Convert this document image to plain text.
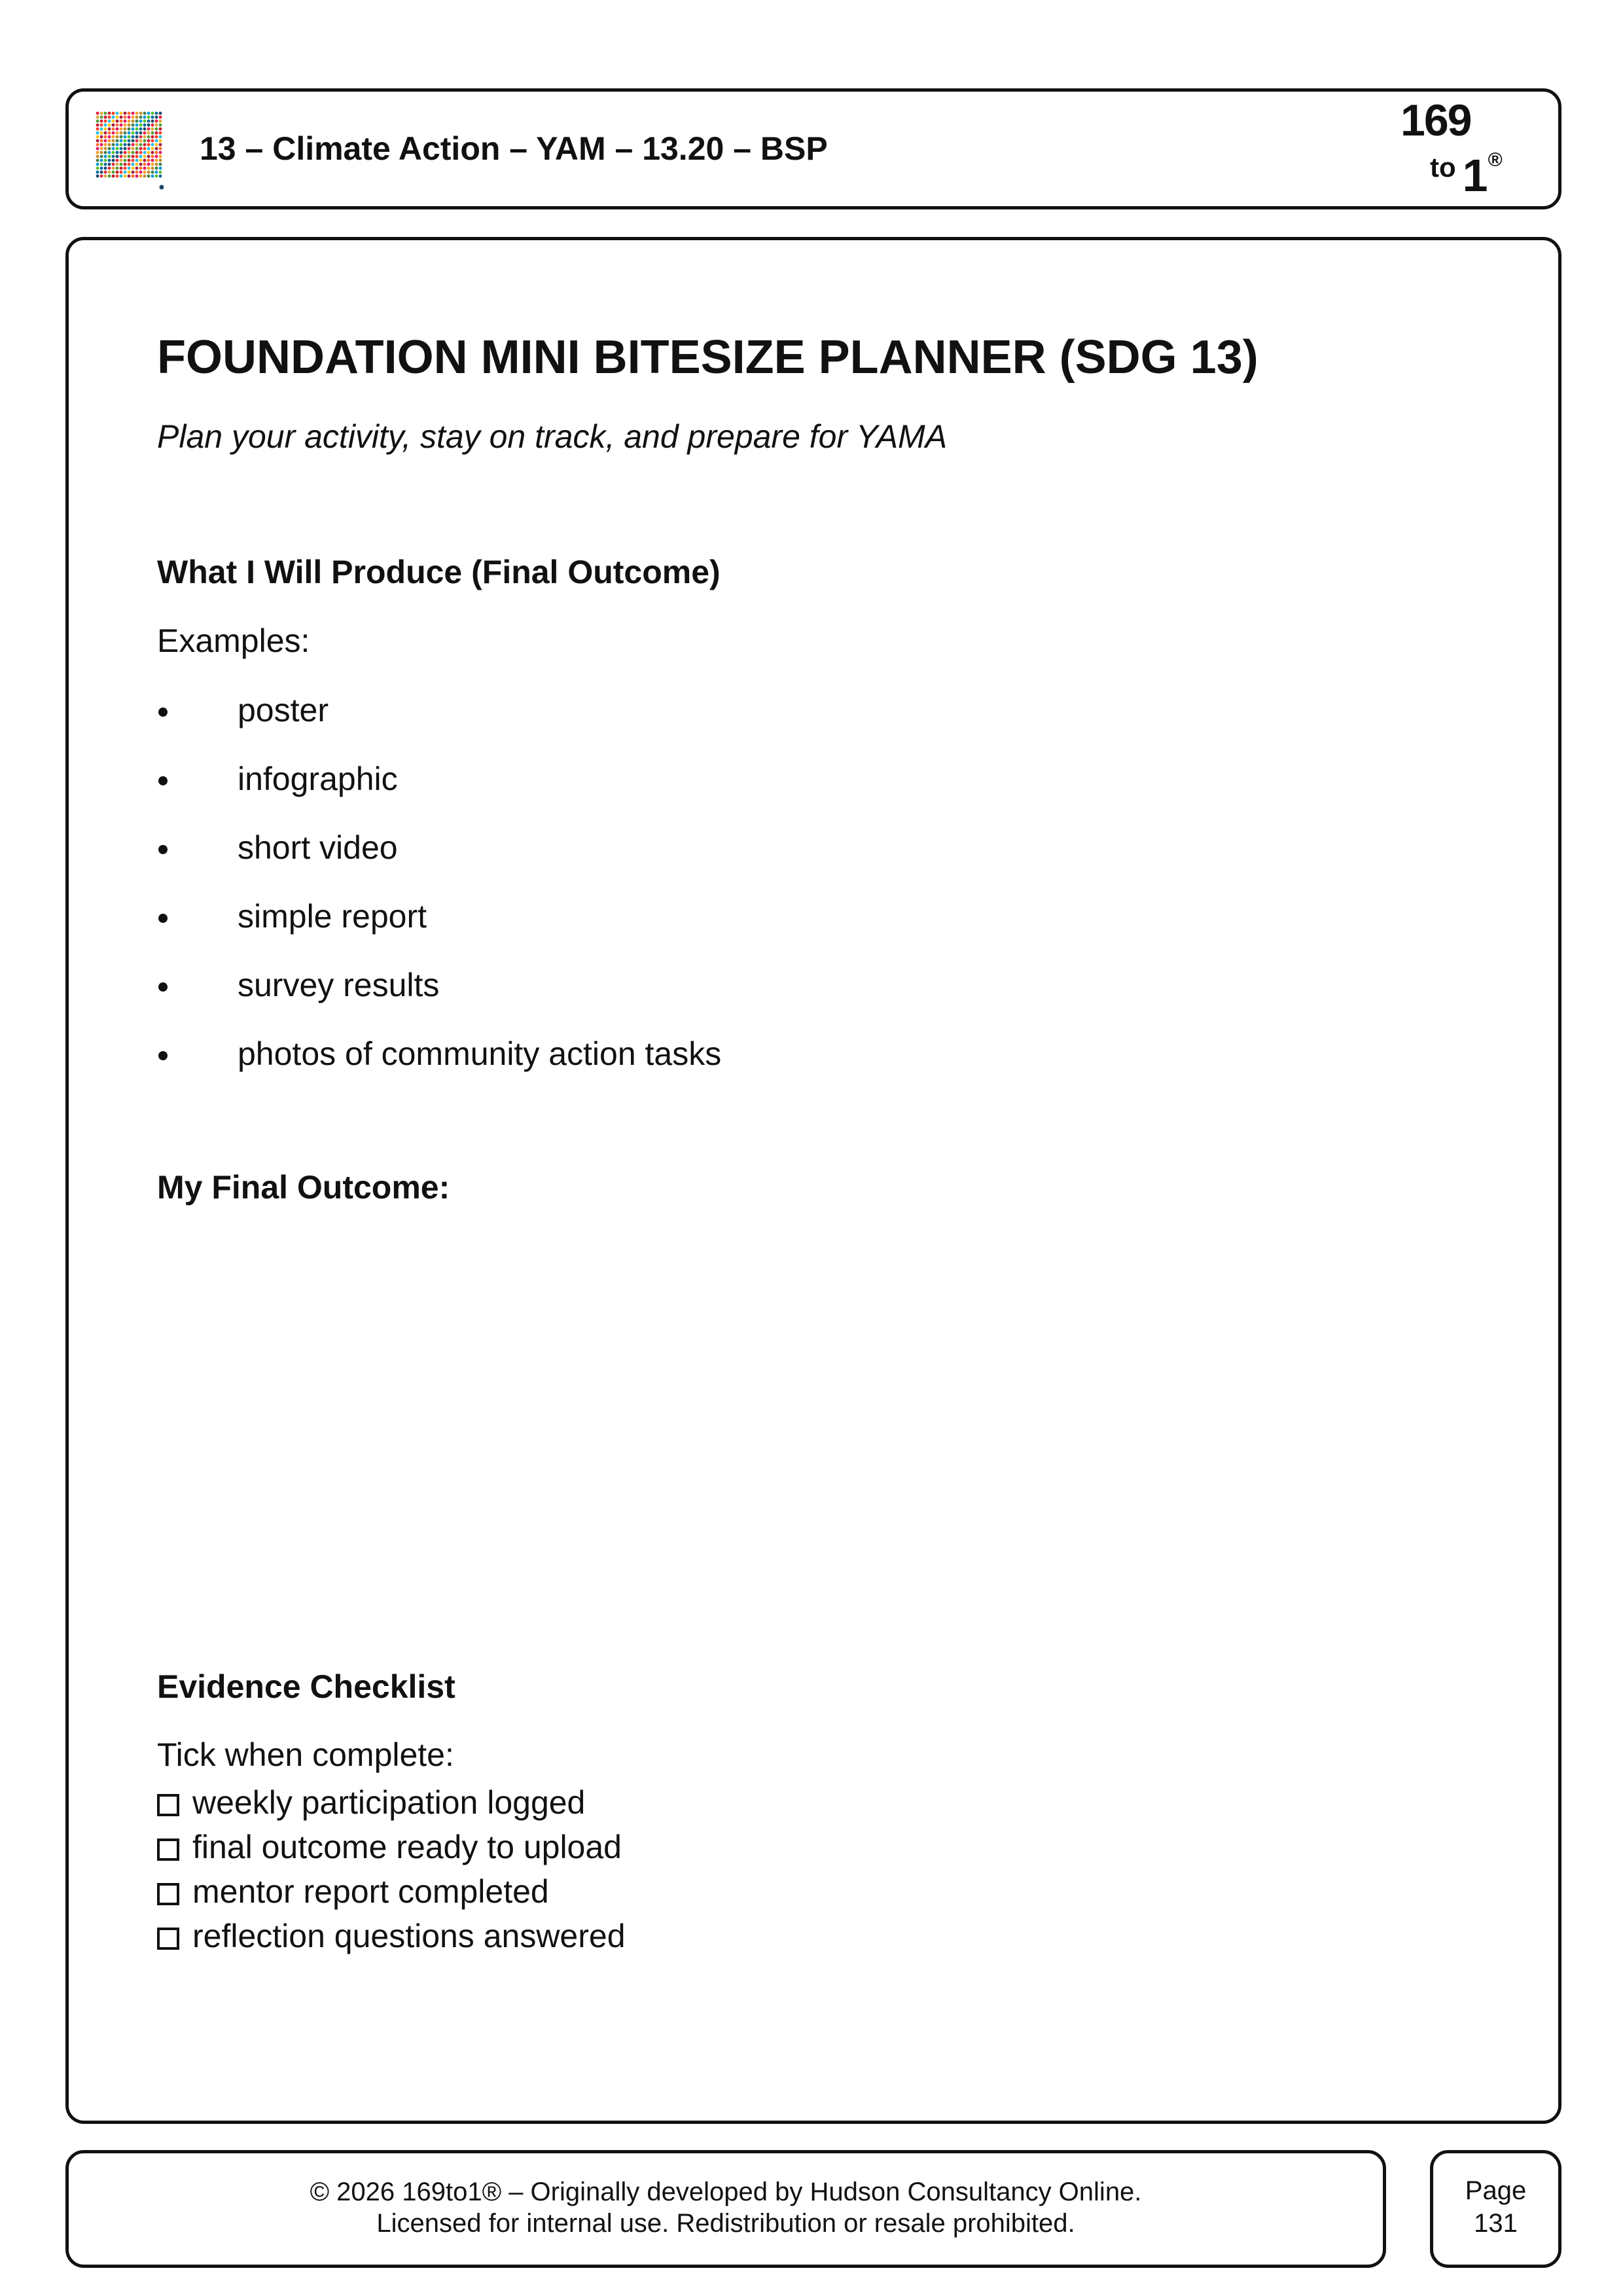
13 – Climate Action – YAM – 13.20 – BSP
169
to 1®
FOUNDATION MINI BITESIZE PLANNER (SDG 13)
Plan your activity, stay on track, and prepare for YAMA
What I Will Produce (Final Outcome)
Examples:
poster
infographic
short video
simple report
survey results
photos of community action tasks
My Final Outcome:
Evidence Checklist
Tick when complete:
weekly participation logged
final outcome ready to upload
mentor report completed
reflection questions answered
© 2026 169to1® – Originally developed by Hudson Consultancy Online.
Licensed for internal use. Redistribution or resale prohibited.
Page
131
